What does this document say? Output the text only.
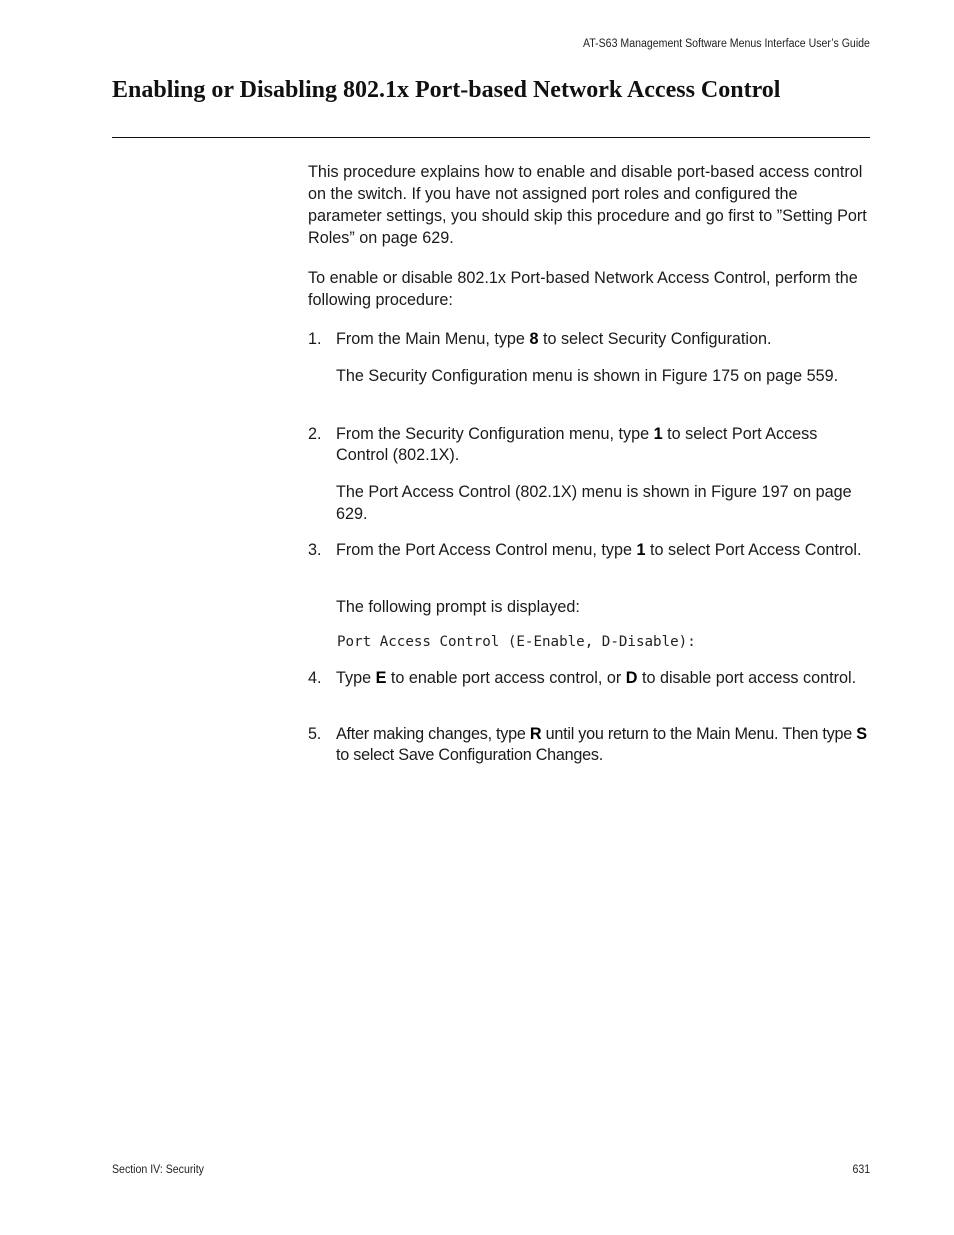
AT-S63 Management Software Menus Interface User’s Guide
Enabling or Disabling 802.1x Port-based Network Access Control

This procedure explains how to enable and disable port-based access control on the switch. If you have not assigned port roles and configured the parameter settings, you should skip this procedure and go first to ”Setting Port Roles” on page 629.

To enable or disable 802.1x Port-based Network Access Control, perform the following procedure:

1. From the Main Menu, type 8 to select Security Configuration.
The Security Configuration menu is shown in Figure 175 on page 559.
2. From the Security Configuration menu, type 1 to select Port Access Control (802.1X).
The Port Access Control (802.1X) menu is shown in Figure 197 on page 629.
3. From the Port Access Control menu, type 1 to select Port Access Control.
The following prompt is displayed:
Port Access Control (E-Enable, D-Disable):
4. Type E to enable port access control, or D to disable port access control.
5. After making changes, type R until you return to the Main Menu. Then type S to select Save Configuration Changes.
Section IV: Security	631
